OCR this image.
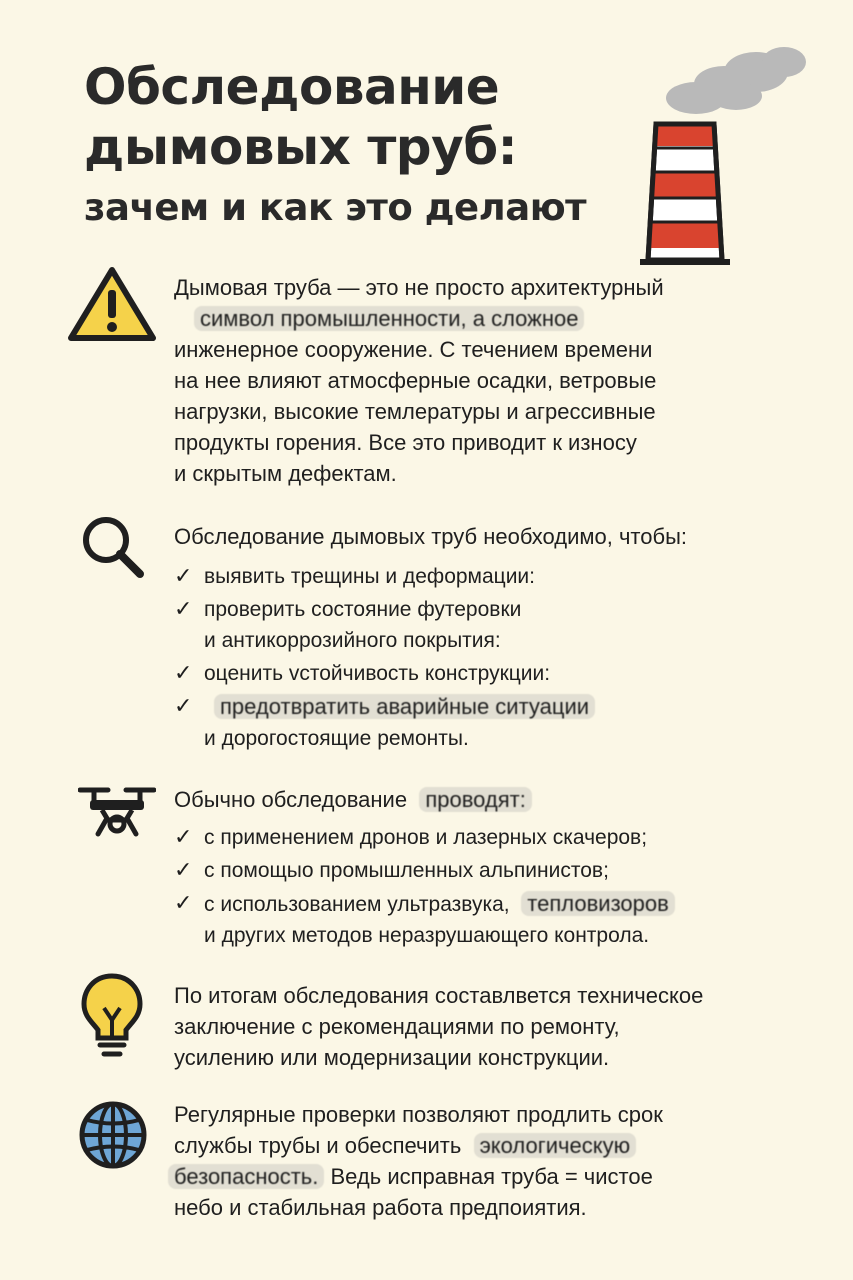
Обследование
дымовых труб:
зачем и как это делают

Дымовая труба — это не просто архитектурный

символ промышленности, а сложное

инженерное сооружение. С течением времени

на нее влияют атмосферные осадки, ветровые

нагрузки, высокие темлературы и агрессивные

продукты горения. Все это приводит к износу

и скрытым дефектам.

Обследование дымовых труб необходимо, чтобы:

✓ выявить трещины и деформации:
✓ проверить состояние футеровки
и антикоррозийного покрытия:
✓ оценить vстойчивость конструкции:
✓ предотвратить аварийные ситуации
и дорогостоящие ремонты.

Обычно обследование проводят:

✓ с применением дронов и лазерных скачеров;
✓ с помощыо промышленных альпинистов;
✓ с использованием ультразвука, тепловизоров
и других методов неразрушающего контрола.

По итогам обследования составлвется техническое

заключение с рекомендациями по ремонту,

усилению или модернизации конструкции.

Регулярные проверки позволяют продлить срок

службы трубы и обеспечить экологическую

безопасность. Ведь исправная труба = чистое

небо и стабильная работа предпоиятия.
